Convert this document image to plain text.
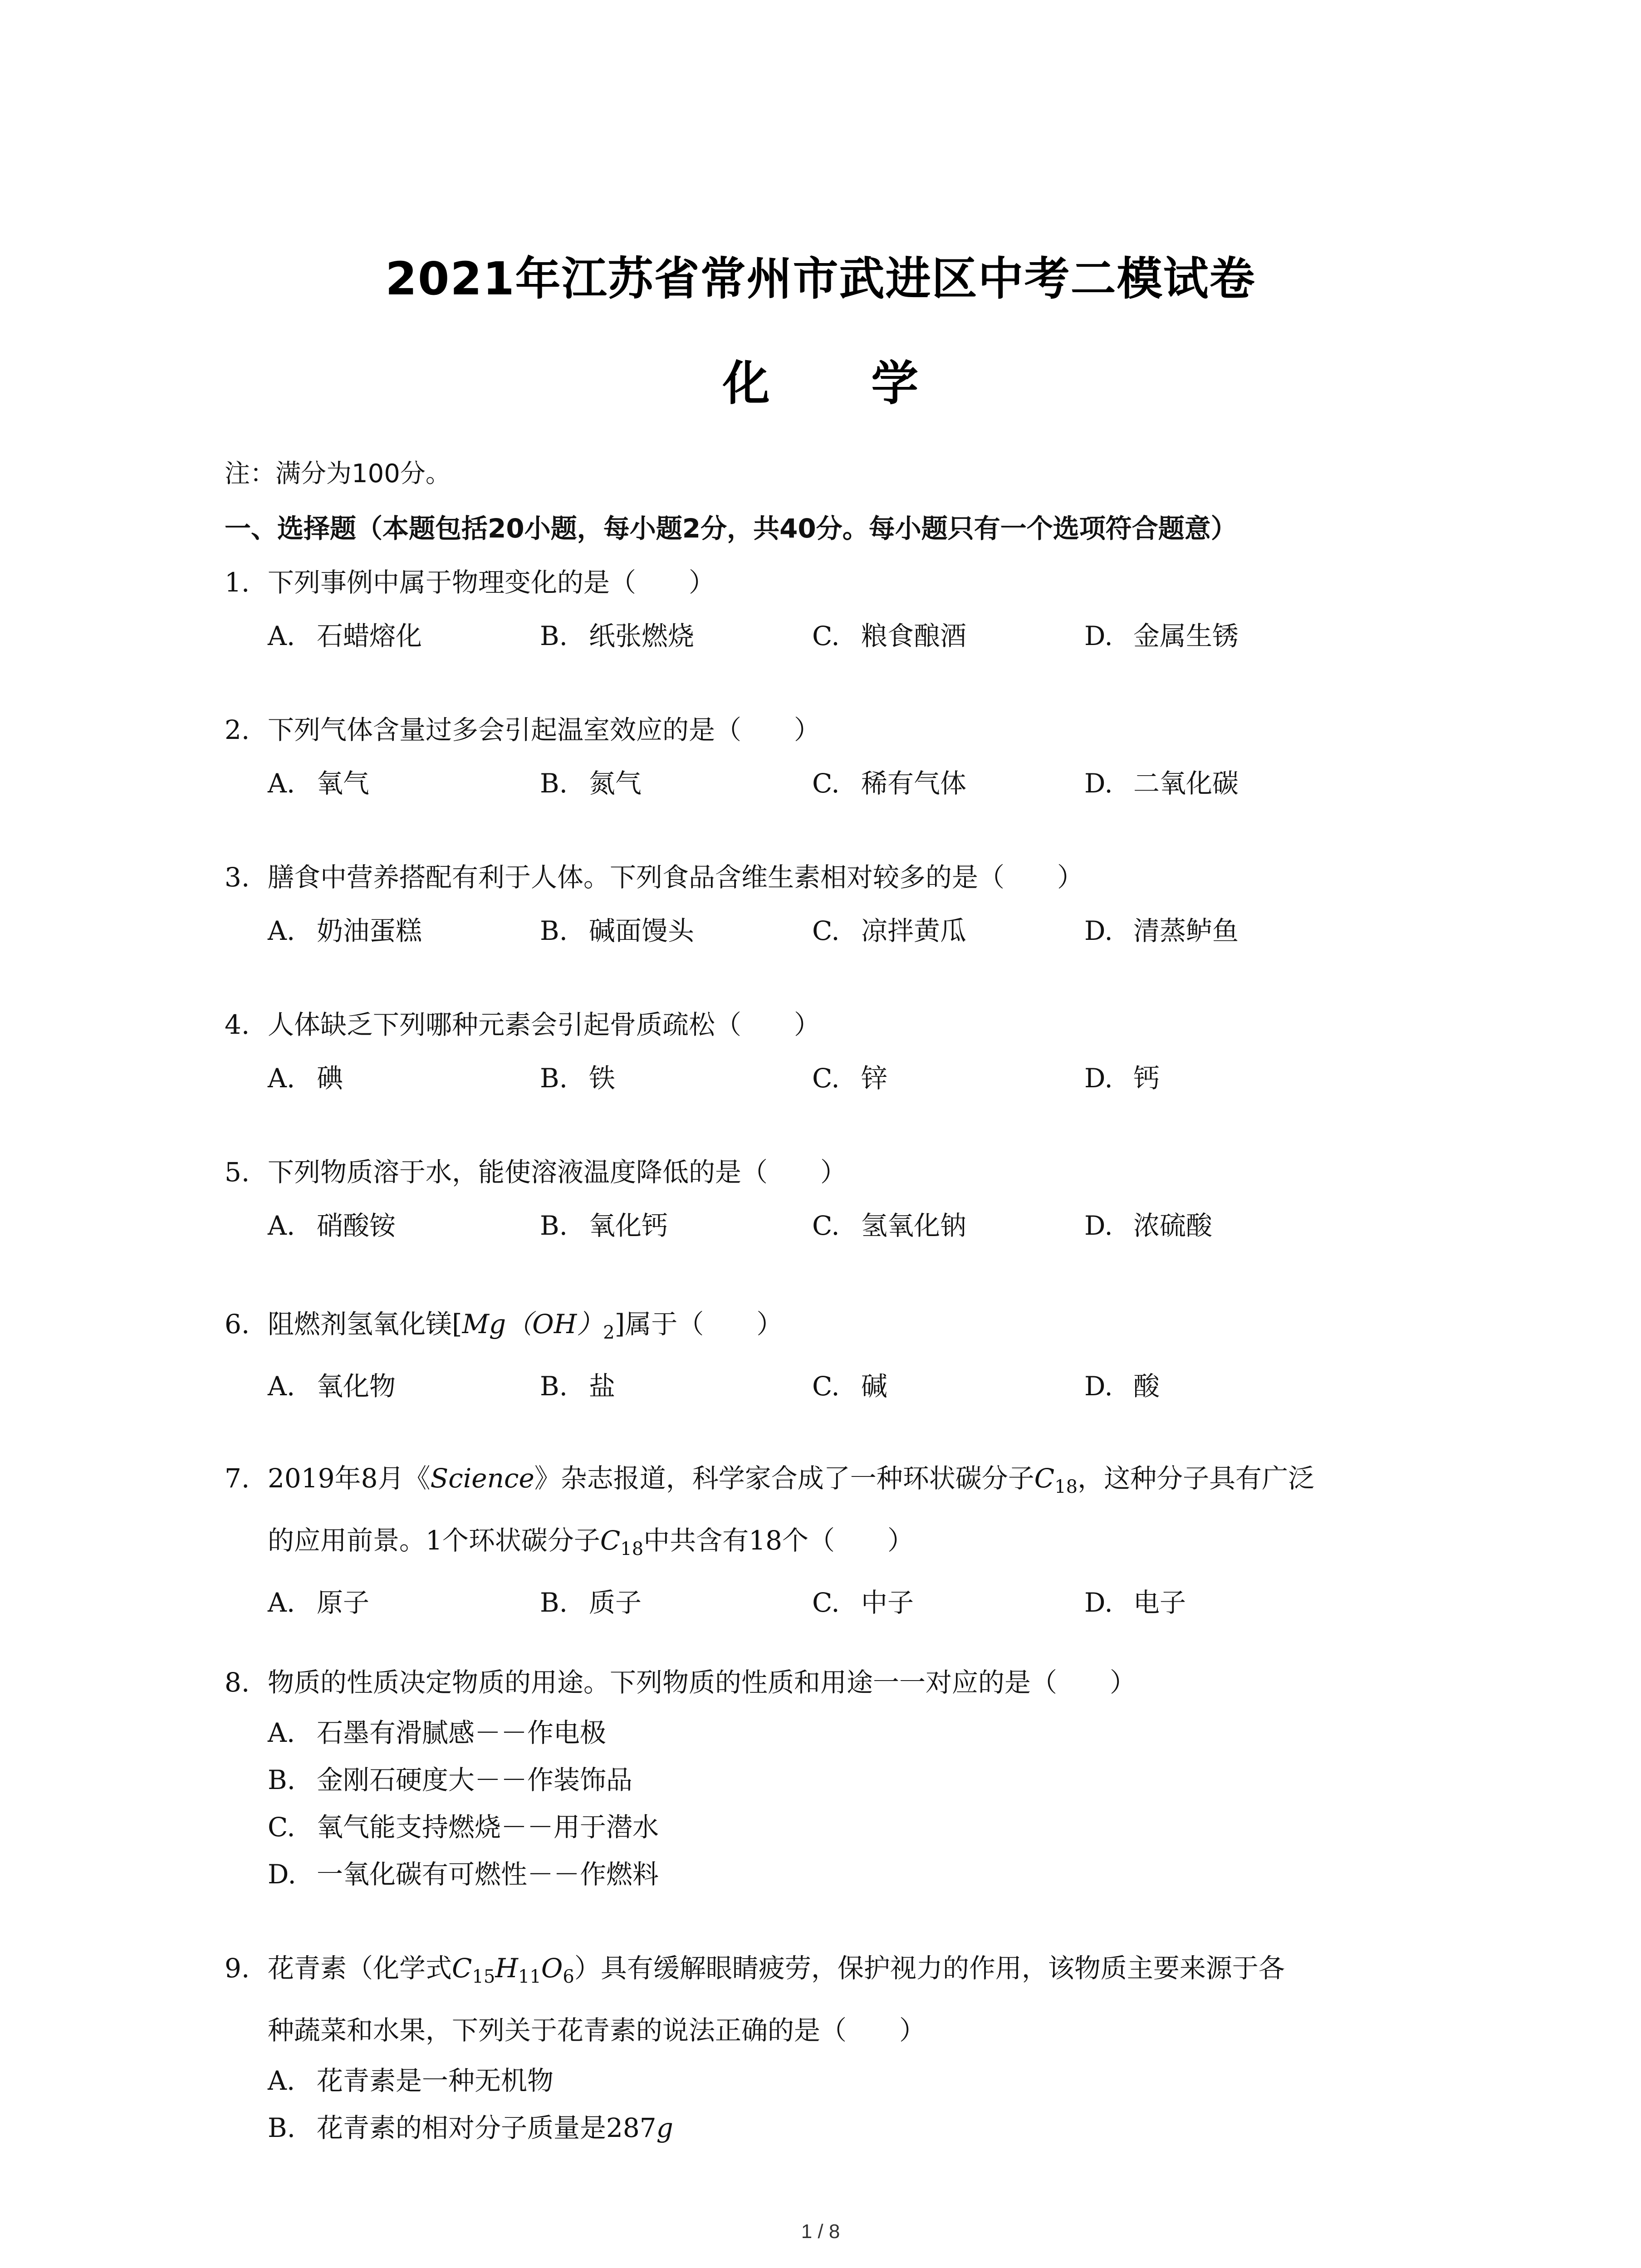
2021年江苏省常州市武进区中考二模试卷
化 学
注：满分为100分。
一、选择题（本题包括20小题，每小题2分，共40分。每小题只有一个选项符合题意）
1. 下列事例中属于物理变化的是（　　）
A. 石蜡熔化	B. 纸张燃烧	C. 粮食酿酒	D. 金属生锈
2. 下列气体含量过多会引起温室效应的是（　　）
A. 氧气	B. 氮气	C. 稀有气体	D. 二氧化碳
3. 膳食中营养搭配有利于人体。下列食品含维生素相对较多的是（　　）
A. 奶油蛋糕	B. 碱面馒头	C. 凉拌黄瓜	D. 清蒸鲈鱼
4. 人体缺乏下列哪种元素会引起骨质疏松（　　）
A. 碘	B. 铁	C. 锌	D. 钙
5. 下列物质溶于水，能使溶液温度降低的是（　　）
A. 硝酸铵	B. 氧化钙	C. 氢氧化钠	D. 浓硫酸
6. 阻燃剂氢氧化镁$[Mg(OH)_2]$属于（　　）
A. 氧化物	B. 盐	C. 碱	D. 酸
7. 2019年8月《Science》杂志报道，科学家合成了一种环状碳分子$C_{18}$，这种分子具有广泛
的应用前景。1个环状碳分子$C_{18}$中共含有18个（　　）
A. 原子	B. 质子	C. 中子	D. 电子
8. 物质的性质决定物质的用途。下列物质的性质和用途一一对应的是（　　）
A. 石墨有滑腻感－－作电极
B. 金刚石硬度大－－作装饰品
C. 氧气能支持燃烧－－用于潜水
D. 一氧化碳有可燃性－－作燃料
9. 花青素（化学式$C_{15}H_{11}O_6$）具有缓解眼睛疲劳，保护视力的作用，该物质主要来源于各
种蔬菜和水果，下列关于花青素的说法正确的是（　　）
A. 花青素是一种无机物
B. 花青素的相对分子质量是287g
1 / 8
